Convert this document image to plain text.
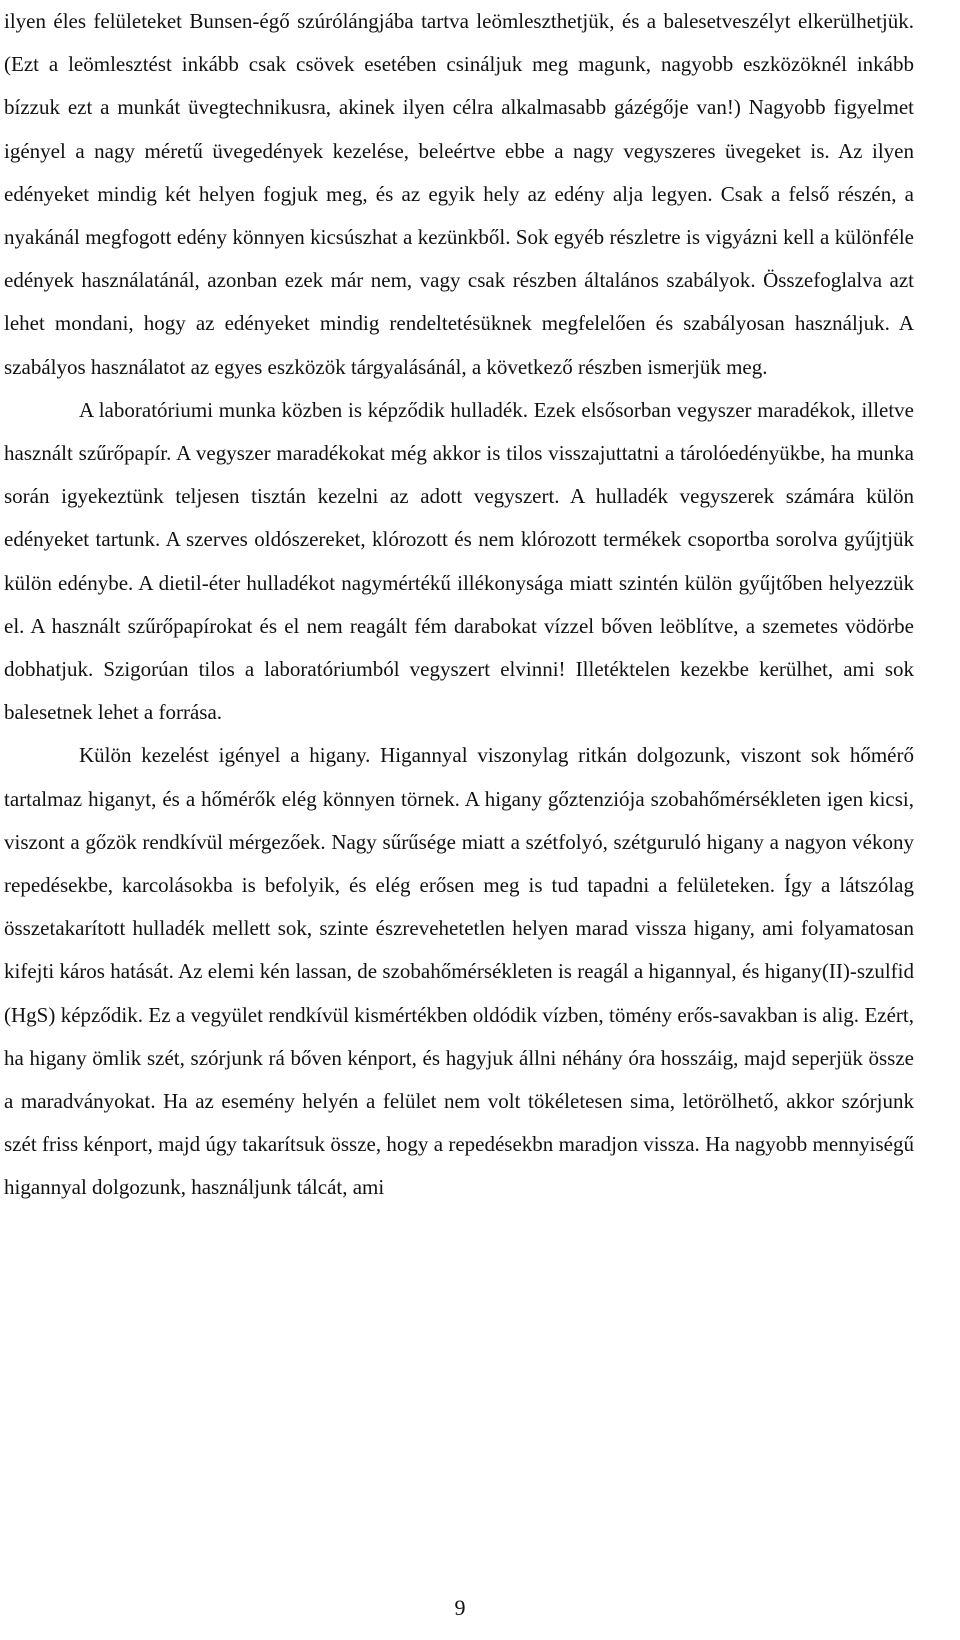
ilyen éles felületeket Bunsen-égő szúrólángjába tartva leömleszthetjük, és a balesetveszélyt elkerülhetjük. (Ezt a leömlesztést inkább csak csövek esetében csináljuk meg magunk, nagyobb eszközöknél inkább bízzuk ezt a munkát üvegtechnikusra, akinek ilyen célra alkalmasabb gázégője van!) Nagyobb figyelmet igényel a nagy méretű üvegedények kezelése, beleértve ebbe a nagy vegyszeres üvegeket is. Az ilyen edényeket mindig két helyen fogjuk meg, és az egyik hely az edény alja legyen. Csak a felső részén, a nyakánál megfogott edény könnyen kicsúszhat a kezünkből. Sok egyéb részletre is vigyázni kell a különféle edények használatánál, azonban ezek már nem, vagy csak részben általános szabályok. Összefoglalva azt lehet mondani, hogy az edényeket mindig rendeltetésüknek megfelelően és szabályosan használjuk. A szabályos használatot az egyes eszközök tárgyalásánál, a következő részben ismerjük meg.

A laboratóriumi munka közben is képződik hulladék. Ezek elsősorban vegyszer maradékok, illetve használt szűrőpapír. A vegyszer maradékokat még akkor is tilos visszajuttatni a tárolóedényükbe, ha munka során igyekeztünk teljesen tisztán kezelni az adott vegyszert. A hulladék vegyszerek számára külön edényeket tartunk. A szerves oldószereket, klórozott és nem klórozott termékek csoportba sorolva gyűjtjük külön edénybe. A dietil-éter hulladékot nagymértékű illékonysága miatt szintén külön gyűjtőben helyezzük el. A használt szűrőpapírokat és el nem reagált fém darabokat vízzel bőven leöblítve, a szemetes vödörbe dobhatjuk. Szigorúan tilos a laboratóriumból vegyszert elvinni! Illetéktelen kezekbe kerülhet, ami sok balesetnek lehet a forrása.

Külön kezelést igényel a higany. Higannyal viszonylag ritkán dolgozunk, viszont sok hőmérő tartalmaz higanyt, és a hőmérők elég könnyen törnek. A higany gőztenziója szobahőmérsékleten igen kicsi, viszont a gőzök rendkívül mérgezőek. Nagy sűrűsége miatt a szétfolyó, szétguruló higany a nagyon vékony repedésekbe, karcolásokba is befolyik, és elég erősen meg is tud tapadni a felületeken. Így a látszólag összetakarított hulladék mellett sok, szinte észrevehetetlen helyen marad vissza higany, ami folyamatosan kifejti káros hatását. Az elemi kén lassan, de szobahőmérsékleten is reagál a higannyal, és higany(II)-szulfid (HgS) képződik. Ez a vegyület rendkívül kismértékben oldódik vízben, tömény erős-savakban is alig. Ezért, ha higany ömlik szét, szórjunk rá bőven kénport, és hagyjuk állni néhány óra hosszáig, majd seperjük össze a maradványokat. Ha az esemény helyén a felület nem volt tökéletesen sima, letörölhető, akkor szórjunk szét friss kénport, majd úgy takarítsuk össze, hogy a repedésekbn maradjon vissza. Ha nagyobb mennyiségű higannyal dolgozunk, használjunk tálcát, ami

9
